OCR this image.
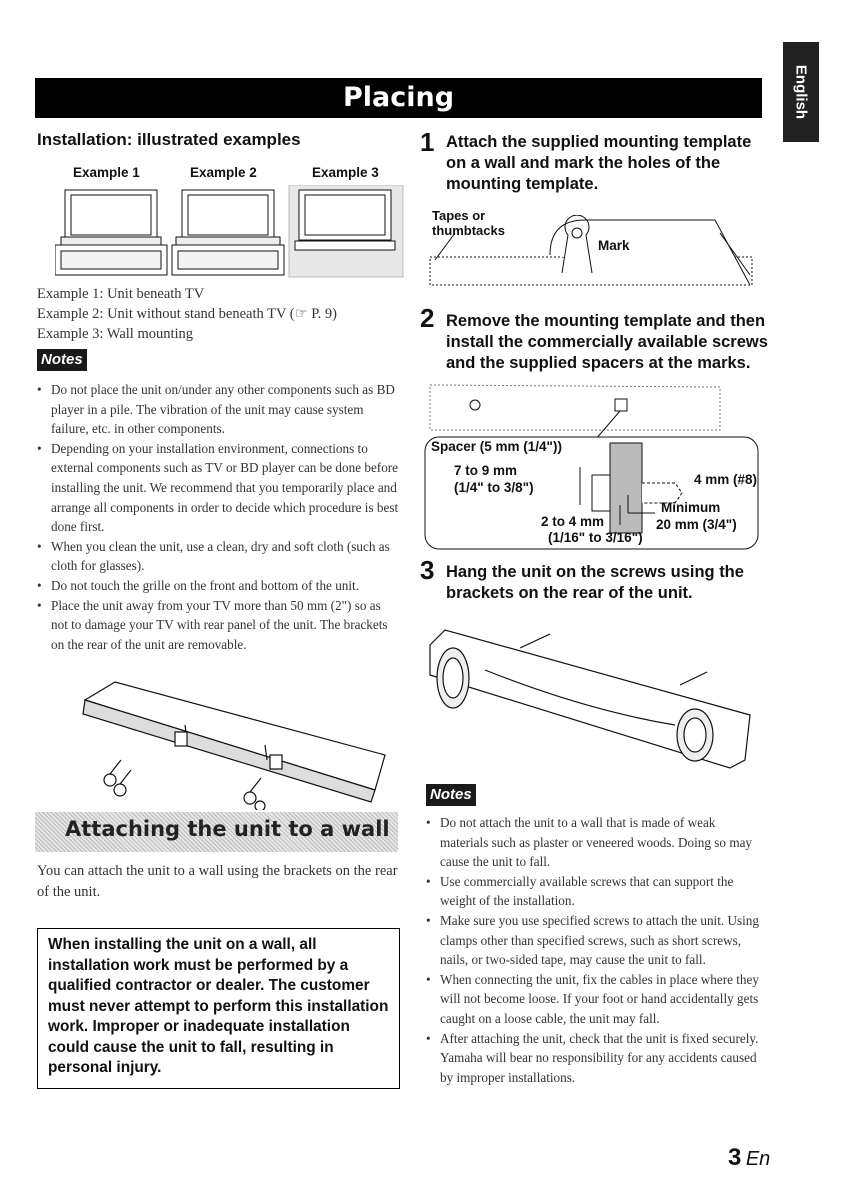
Placing	English
Installation: illustrated examples
Example 1	Example 2	Example 3
Example 1: Unit beneath TV
Example 2: Unit without stand beneath TV (☞ P. 9)
Example 3: Wall mounting
Notes
• Do not place the unit on/under any other components such as BD player in a pile. The vibration of the unit may cause system failure, etc. in other components.
• Depending on your installation environment, connections to external components such as TV or BD player can be done before installing the unit. We recommend that you temporarily place and arrange all components in order to decide which procedure is best done first.
• When you clean the unit, use a clean, dry and soft cloth (such as cloth for glasses).
• Do not touch the grille on the front and bottom of the unit.
• Place the unit away from your TV more than 50 mm (2") so as not to damage your TV with rear panel of the unit. The brackets on the rear of the unit are removable.
Attaching the unit to a wall
You can attach the unit to a wall using the brackets on the rear of the unit.
When installing the unit on a wall, all installation work must be performed by a qualified contractor or dealer. The customer must never attempt to perform this installation work. Improper or inadequate installation could cause the unit to fall, resulting in personal injury.
1 Attach the supplied mounting template on a wall and mark the holes of the mounting template.
Tapes or
thumbtacks
Mark
2 Remove the mounting template and then install the commercially available screws and the supplied spacers at the marks.
Spacer (5 mm (1/4"))
7 to 9 mm
(1/4" to 3/8")
4 mm (#8)
2 to 4 mm
(1/16" to 3/16")
Minimum
20 mm (3/4")
3 Hang the unit on the screws using the brackets on the rear of the unit.
Notes
• Do not attach the unit to a wall that is made of weak materials such as plaster or veneered woods. Doing so may cause the unit to fall.
• Use commercially available screws that can support the weight of the installation.
• Make sure you use specified screws to attach the unit. Using clamps other than specified screws, such as short screws, nails, or two-sided tape, may cause the unit to fall.
• When connecting the unit, fix the cables in place where they will not become loose. If your foot or hand accidentally gets caught on a loose cable, the unit may fall.
• After attaching the unit, check that the unit is fixed securely. Yamaha will bear no responsibility for any accidents caused by improper installations.
3 En
